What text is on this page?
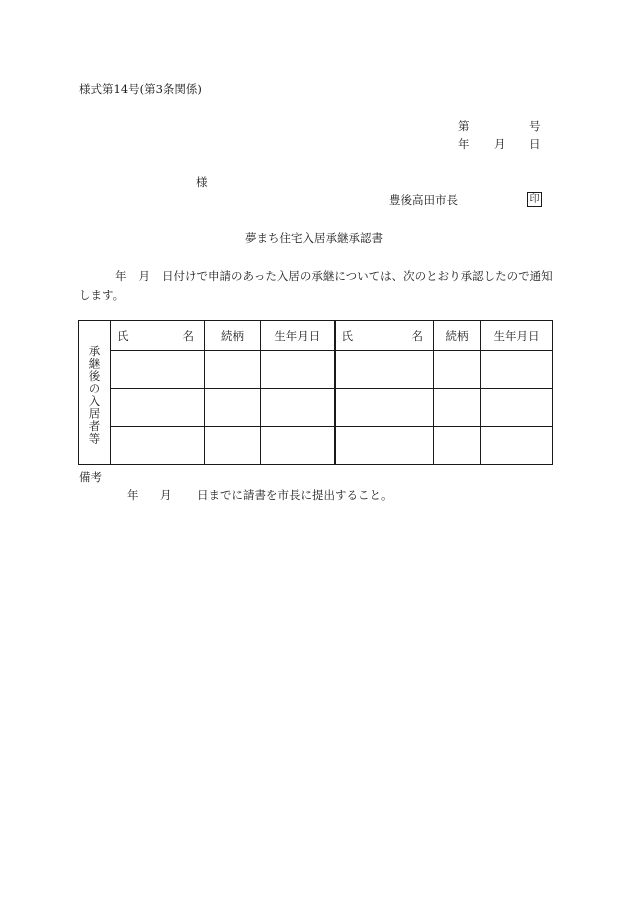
様式第14号(第3条関係)
第	号
年 月 日
様
豊後高田市長	印
夢まち住宅入居承継承認書
年 月 日付けで申請のあった入居の承継については、次のとおり承認したので通知します。
承継後の入居者等	氏 名	続柄	生年月日	氏 名	続柄	生年月日

備考
年 月 日までに請書を市長に提出すること。
